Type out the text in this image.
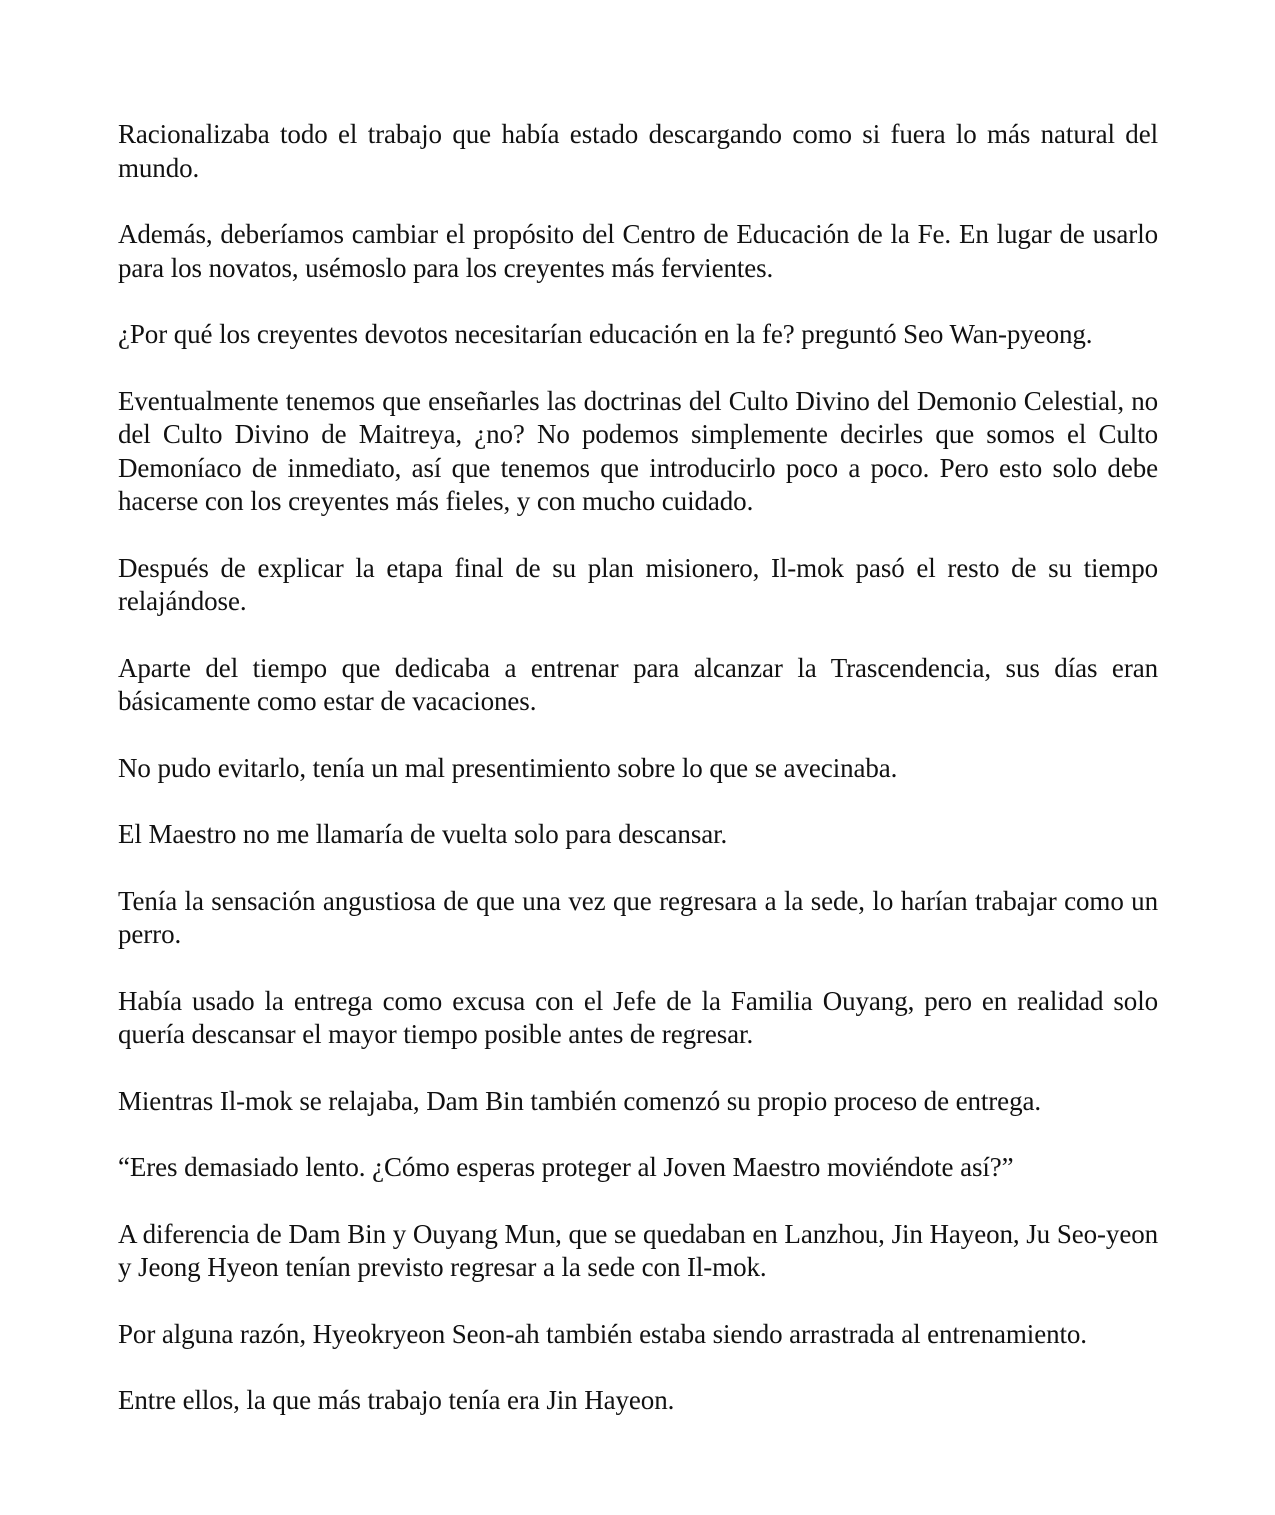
Racionalizaba todo el trabajo que había estado descargando como si fuera lo más natural del mundo.

Además, deberíamos cambiar el propósito del Centro de Educación de la Fe. En lugar de usarlo para los novatos, usémoslo para los creyentes más fervientes.

¿Por qué los creyentes devotos necesitarían educación en la fe? preguntó Seo Wan-pyeong.

Eventualmente tenemos que enseñarles las doctrinas del Culto Divino del Demonio Celestial, no del Culto Divino de Maitreya, ¿no? No podemos simplemente decirles que somos el Culto Demoníaco de inmediato, así que tenemos que introducirlo poco a poco. Pero esto solo debe hacerse con los creyentes más fieles, y con mucho cuidado.

Después de explicar la etapa final de su plan misionero, Il-mok pasó el resto de su tiempo relajándose.

Aparte del tiempo que dedicaba a entrenar para alcanzar la Trascendencia, sus días eran básicamente como estar de vacaciones.

No pudo evitarlo, tenía un mal presentimiento sobre lo que se avecinaba.

El Maestro no me llamaría de vuelta solo para descansar.

Tenía la sensación angustiosa de que una vez que regresara a la sede, lo harían trabajar como un perro.

Había usado la entrega como excusa con el Jefe de la Familia Ouyang, pero en realidad solo quería descansar el mayor tiempo posible antes de regresar.

Mientras Il-mok se relajaba, Dam Bin también comenzó su propio proceso de entrega.

“Eres demasiado lento. ¿Cómo esperas proteger al Joven Maestro moviéndote así?”

A diferencia de Dam Bin y Ouyang Mun, que se quedaban en Lanzhou, Jin Hayeon, Ju Seo-yeon y Jeong Hyeon tenían previsto regresar a la sede con Il-mok.

Por alguna razón, Hyeokryeon Seon-ah también estaba siendo arrastrada al entrenamiento.

Entre ellos, la que más trabajo tenía era Jin Hayeon.
